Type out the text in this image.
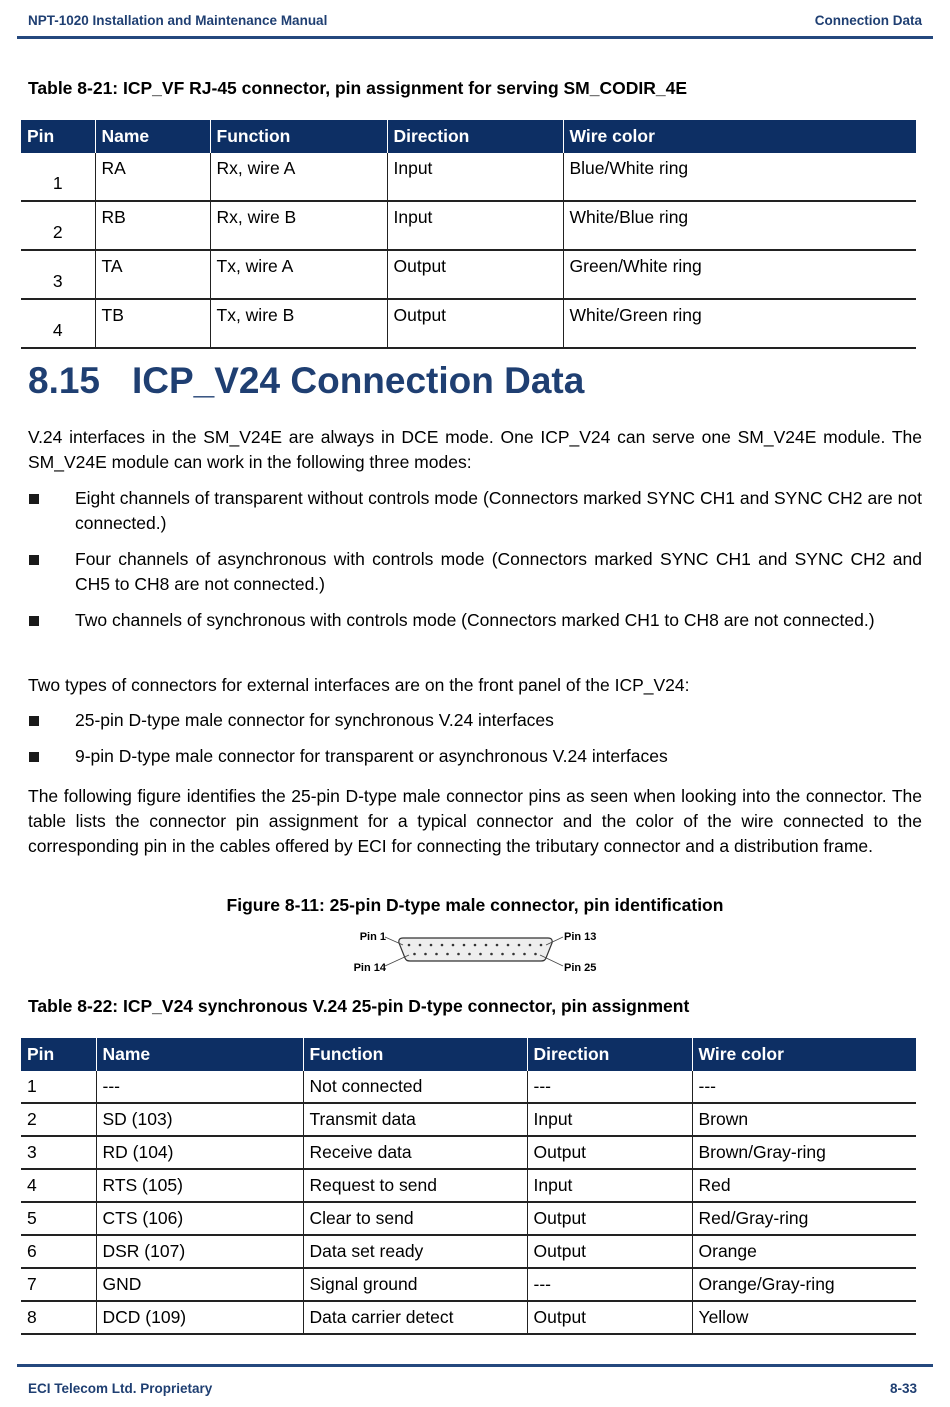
NPT-1020 Installation and Maintenance Manual	Connection Data
Table 8-21: ICP_VF RJ-45 connector, pin assignment for serving SM_CODIR_4E
Pin	Name	Function	Direction	Wire color
1	RA	Rx, wire A	Input	Blue/White ring
2	RB	Rx, wire B	Input	White/Blue ring
3	TA	Tx, wire A	Output	Green/White ring
4	TB	Tx, wire B	Output	White/Green ring
8.15 ICP_V24 Connection Data
V.24 interfaces in the SM_V24E are always in DCE mode. One ICP_V24 can serve one SM_V24E module. The SM_V24E module can work in the following three modes:
Eight channels of transparent without controls mode (Connectors marked SYNC CH1 and SYNC CH2 are not connected.)
Four channels of asynchronous with controls mode (Connectors marked SYNC CH1 and SYNC CH2 and CH5 to CH8 are not connected.)
Two channels of synchronous with controls mode (Connectors marked CH1 to CH8 are not connected.)
Two types of connectors for external interfaces are on the front panel of the ICP_V24:
25-pin D-type male connector for synchronous V.24 interfaces
9-pin D-type male connector for transparent or asynchronous V.24 interfaces
The following figure identifies the 25-pin D-type male connector pins as seen when looking into the connector. The table lists the connector pin assignment for a typical connector and the color of the wire connected to the corresponding pin in the cables offered by ECI for connecting the tributary connector and a distribution frame.
Figure 8-11: 25-pin D-type male connector, pin identification
Pin 1	Pin 13
Pin 14	Pin 25
Table 8-22: ICP_V24 synchronous V.24 25-pin D-type connector, pin assignment
Pin	Name	Function	Direction	Wire color
1	---	Not connected	---	---
2	SD (103)	Transmit data	Input	Brown
3	RD (104)	Receive data	Output	Brown/Gray-ring
4	RTS (105)	Request to send	Input	Red
5	CTS (106)	Clear to send	Output	Red/Gray-ring
6	DSR (107)	Data set ready	Output	Orange
7	GND	Signal ground	---	Orange/Gray-ring
8	DCD (109)	Data carrier detect	Output	Yellow
ECI Telecom Ltd. Proprietary	8-33
